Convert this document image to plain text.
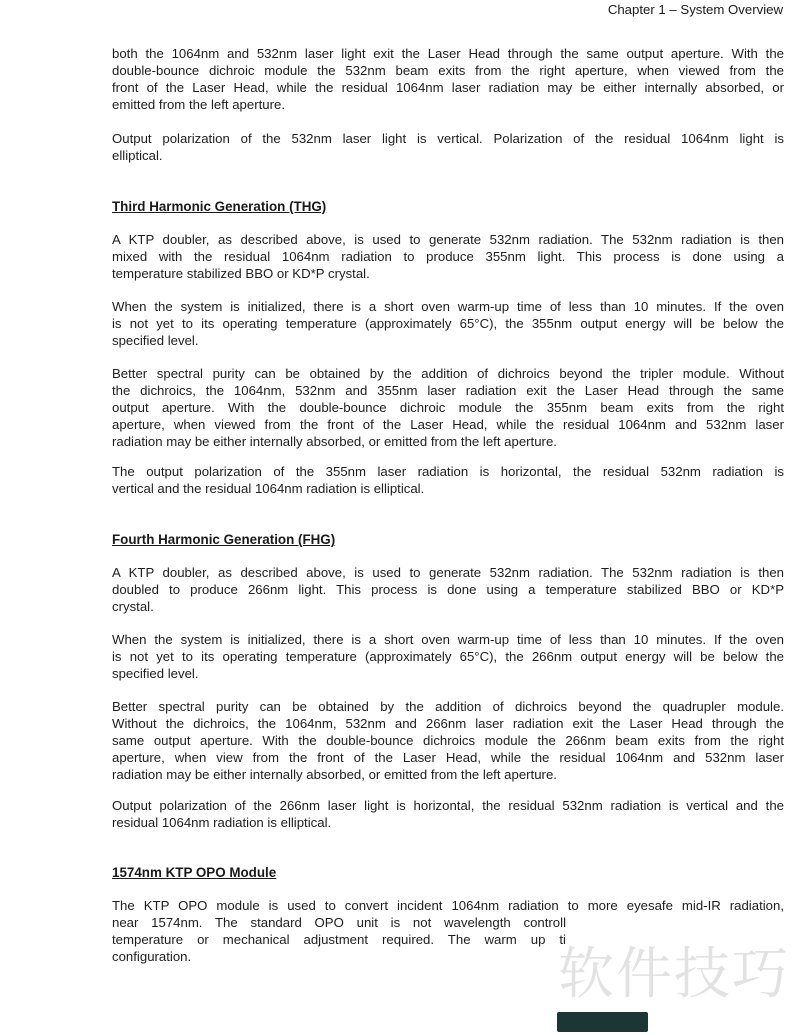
Chapter 1 – System Overview
both the 1064nm and 532nm laser light exit the Laser Head through the same output aperture. With the
double-bounce dichroic module the 532nm beam exits from the right aperture, when viewed from the
front of the Laser Head, while the residual 1064nm laser radiation may be either internally absorbed, or
emitted from the left aperture.
Output polarization of the 532nm laser light is vertical. Polarization of the residual 1064nm light is
elliptical.
Third Harmonic Generation (THG)
A KTP doubler, as described above, is used to generate 532nm radiation. The 532nm radiation is then
mixed with the residual 1064nm radiation to produce 355nm light. This process is done using a
temperature stabilized BBO or KD*P crystal.
When the system is initialized, there is a short oven warm-up time of less than 10 minutes. If the oven
is not yet to its operating temperature (approximately 65°C), the 355nm output energy will be below the
specified level.
Better spectral purity can be obtained by the addition of dichroics beyond the tripler module. Without
the dichroics, the 1064nm, 532nm and 355nm laser radiation exit the Laser Head through the same
output aperture. With the double-bounce dichroic module the 355nm beam exits from the right
aperture, when viewed from the front of the Laser Head, while the residual 1064nm and 532nm laser
radiation may be either internally absorbed, or emitted from the left aperture.
The output polarization of the 355nm laser radiation is horizontal, the residual 532nm radiation is
vertical and the residual 1064nm radiation is elliptical.
Fourth Harmonic Generation (FHG)
A KTP doubler, as described above, is used to generate 532nm radiation. The 532nm radiation is then
doubled to produce 266nm light. This process is done using a temperature stabilized BBO or KD*P
crystal.
When the system is initialized, there is a short oven warm-up time of less than 10 minutes. If the oven
is not yet to its operating temperature (approximately 65°C), the 266nm output energy will be below the
specified level.
Better spectral purity can be obtained by the addition of dichroics beyond the quadrupler module.
Without the dichroics, the 1064nm, 532nm and 266nm laser radiation exit the Laser Head through the
same output aperture. With the double-bounce dichroics module the 266nm beam exits from the right
aperture, when view from the front of the Laser Head, while the residual 1064nm and 532nm laser
radiation may be either internally absorbed, or emitted from the left aperture.
Output polarization of the 266nm laser light is horizontal, the residual 532nm radiation is vertical and the
residual 1064nm radiation is elliptical.
1574nm KTP OPO Module
The KTP OPO module is used to convert incident 1064nm radiation to more eyesafe mid-IR radiation,
near 1574nm. The standard OPO unit is not wavelength controll
temperature or mechanical adjustment required. The warm up ti
configuration.	软件技巧
